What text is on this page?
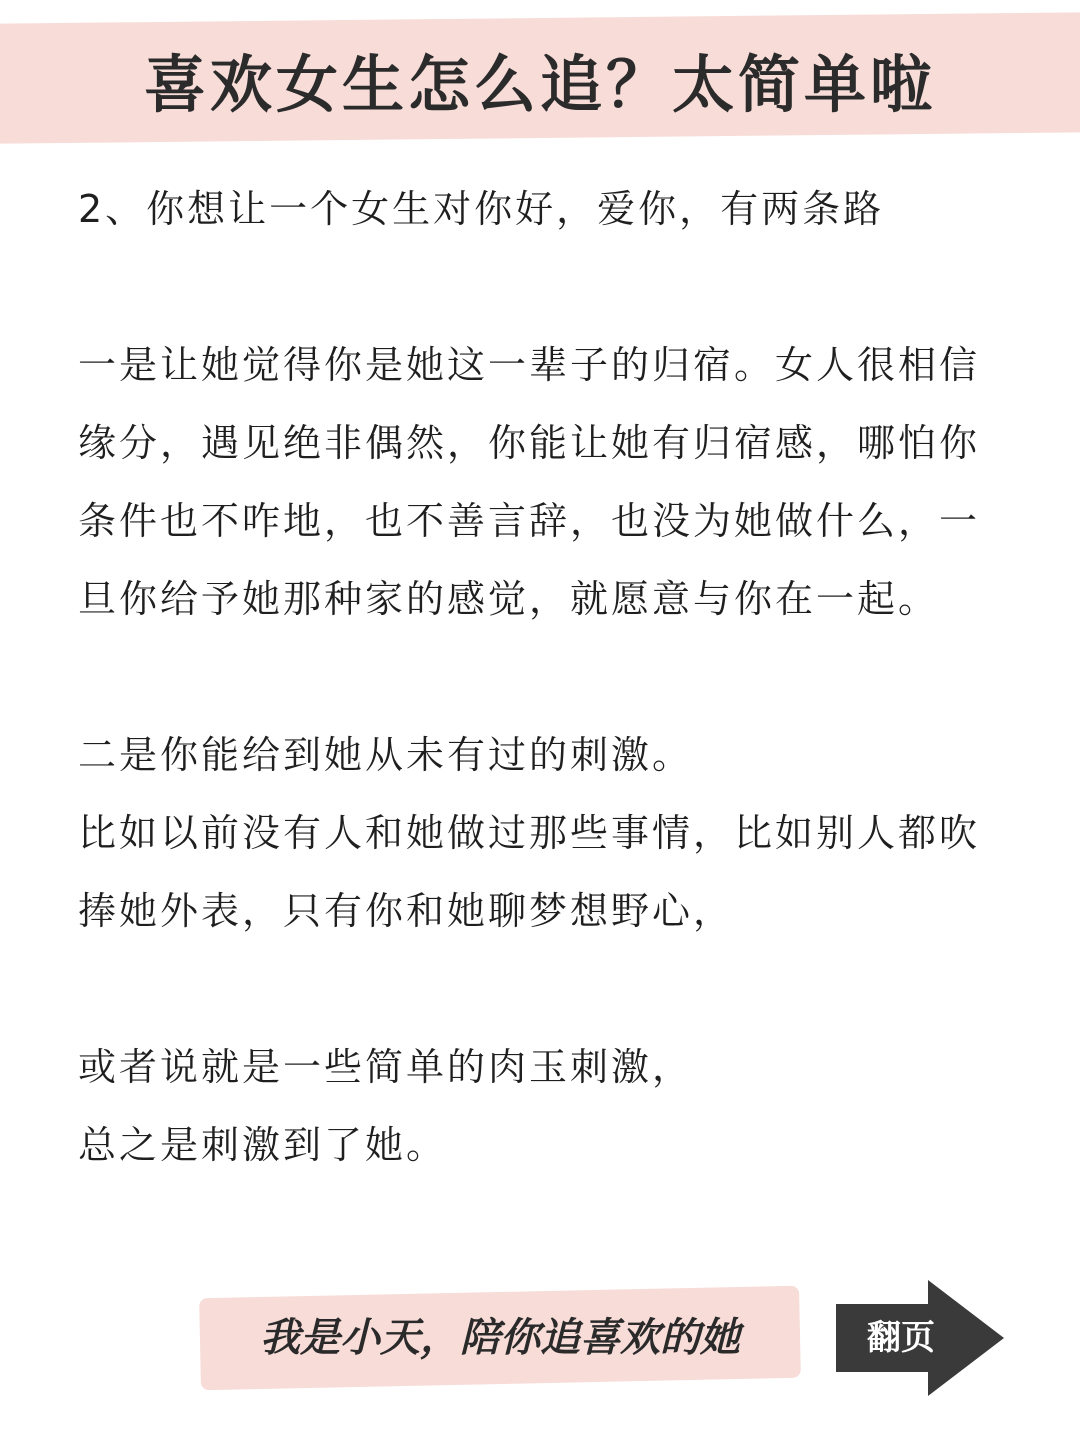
喜欢女生怎么追？太简单啦

2、你想让一个女生对你好，爱你，有两条路

一是让她觉得你是她这一辈子的归宿。女人很相信

缘分，遇见绝非偶然，你能让她有归宿感，哪怕你

条件也不咋地，也不善言辞，也没为她做什么，一

旦你给予她那种家的感觉，就愿意与你在一起。

二是你能给到她从未有过的刺激。

比如以前没有人和她做过那些事情，比如别人都吹

捧她外表，只有你和她聊梦想野心，

或者说就是一些简单的肉玉刺激，

总之是刺激到了她。

我是小天，陪你追喜欢的她	翻页
